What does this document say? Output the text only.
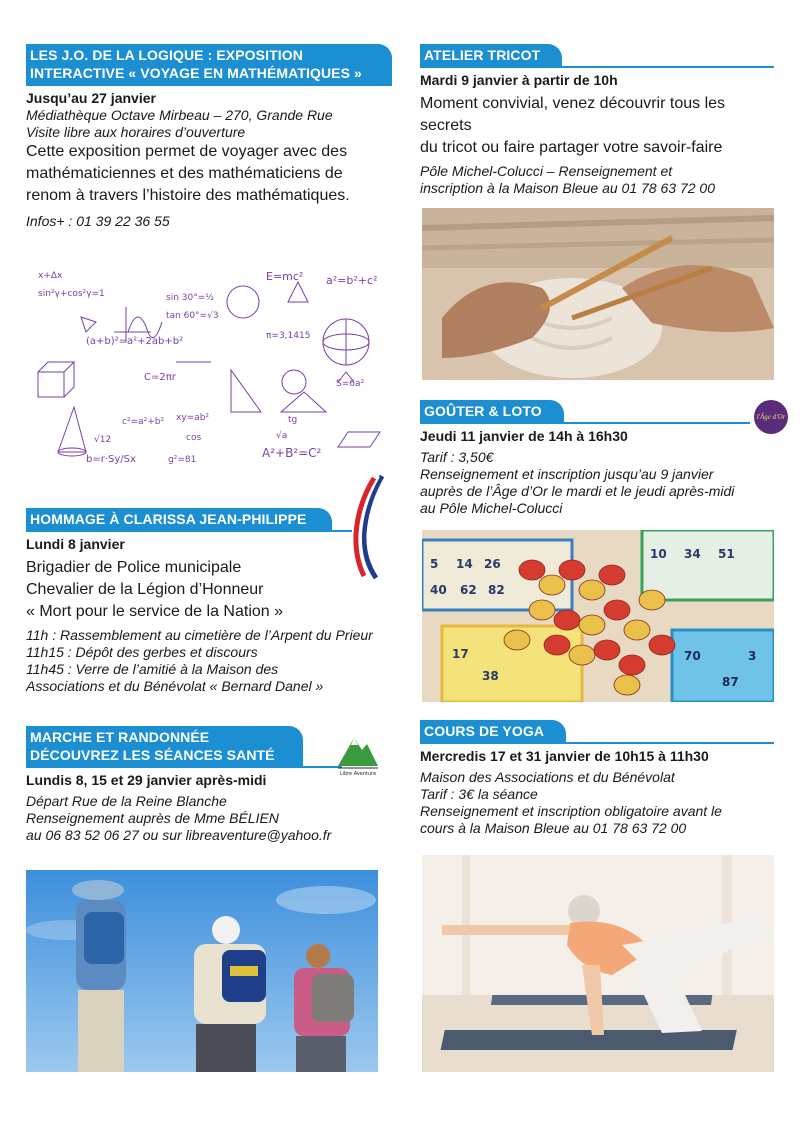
LES J.O. DE LA LOGIQUE : EXPOSITION
INTERACTIVE « VOYAGE EN MATHÉMATIQUES »
Jusqu’au 27 janvier
Médiathèque Octave Mirbeau – 270, Grande Rue
Visite libre aux horaires d’ouverture
Cette exposition permet de voyager avec des
mathématiciennes et des mathématiciens de
renom à travers l’histoire des mathématiques.
Infos+ : 01 39 22 36 55
x+Δx
sin²γ+cos²γ=1
(a+b)²=a²+2ab+b²
E=mc² a²=b²+c²
sin 30°=½
tan 60°=√3
π=3,1415
C=2πr
c²=a²+b²
S=6a²
A²+B²=C²
xy=ab²
b=r·Sy/Sx	g²=81
√12	cos	√a
tg
HOMMAGE À CLARISSA JEAN-PHILIPPE
Lundi 8 janvier
Brigadier de Police municipale
Chevalier de la Légion d’Honneur
« Mort pour le service de la Nation »
11h : Rassemblement au cimetière de l’Arpent du Prieur
11h15 : Dépôt des gerbes et discours
11h45 : Verre de l’amitié à la Maison des
Associations et du Bénévolat « Bernard Danel »
MARCHE ET RANDONNÉE
DÉCOUVREZ LES SÉANCES SANTÉ
Lundis 8, 15 et 29 janvier après-midi
Départ Rue de la Reine Blanche
Renseignement auprès de Mme BÉLIEN
au 06 83 52 06 27 ou sur libreaventure@yahoo.fr
Libre Aventure
ATELIER TRICOT
Mardi 9 janvier à partir de 10h
Moment convivial, venez découvrir tous les secrets
du tricot ou faire partager votre savoir-faire
Pôle Michel-Colucci – Renseignement et
inscription à la Maison Bleue au 01 78 63 72 00
GOÛTER & LOTO
Jeudi 11 janvier de 14h à 16h30
Tarif : 3,50€
Renseignement et inscription jusqu’au 9 janvier
auprès de l’Âge d’Or le mardi et le jeudi après-midi
au Pôle Michel-Colucci
l'Âge d'Or
5 14 26
40 62 82
10 34 51
17
38
70
87
3
COURS DE YOGA
Mercredis 17 et 31 janvier de 10h15 à 11h30
Maison des Associations et du Bénévolat
Tarif : 3€ la séance
Renseignement et inscription obligatoire avant le
cours à la Maison Bleue au 01 78 63 72 00
